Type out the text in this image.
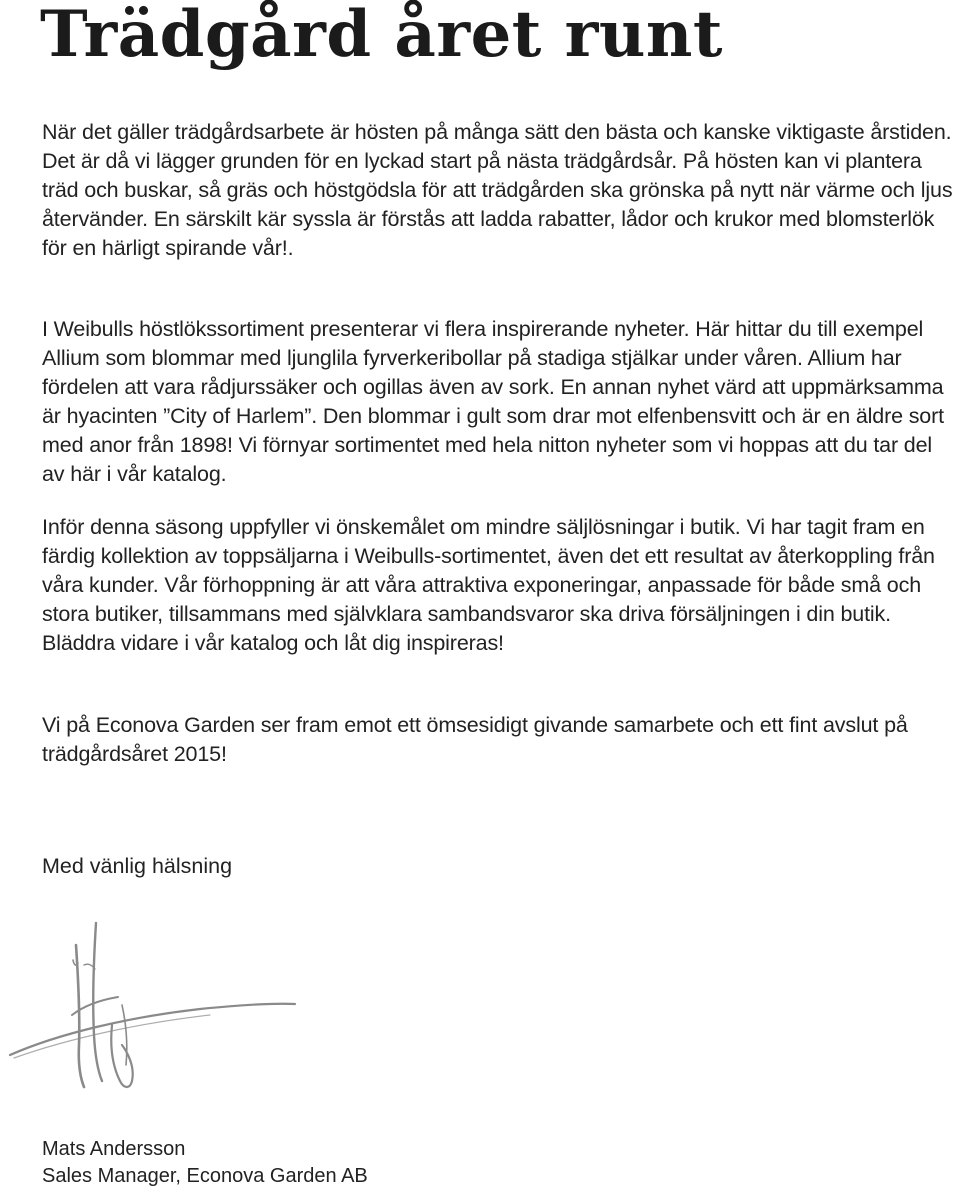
Trädgård året runt

När det gäller trädgårdsarbete är hösten på många sätt den bästa och kanske viktigaste årstiden. Det är då vi lägger grunden för en lyckad start på nästa trädgårdsår. På hösten kan vi plantera träd och buskar, så gräs och höstgödsla för att trädgården ska grönska på nytt när värme och ljus återvänder. En särskilt kär syssla är förstås att ladda rabatter, lådor och krukor med blomsterlök för en härligt spirande vår!.

I Weibulls höstlökssortiment presenterar vi flera inspirerande nyheter. Här hittar du till exempel Allium som blommar med ljunglila fyrverkeribollar på stadiga stjälkar under våren. Allium har fördelen att vara rådjurssäker och ogillas även av sork. En annan nyhet värd att uppmärksamma är hyacinten ”City of Harlem”. Den blommar i gult som drar mot elfenbensvitt och är en äldre sort med anor från 1898! Vi förnyar sortimentet med hela nitton nyheter som vi hoppas att du tar del av här i vår katalog.

Inför denna säsong uppfyller vi önskemålet om mindre säljlösningar i butik. Vi har tagit fram en färdig kollektion av toppsäljarna i Weibulls-sortimentet, även det ett resultat av återkoppling från våra kunder. Vår förhoppning är att våra attraktiva exponeringar, anpassade för både små och stora butiker, tillsammans med självklara sambandsvaror ska driva försäljningen i din butik. Bläddra vidare i vår katalog och låt dig inspireras!

Vi på Econova Garden ser fram emot ett ömsesidigt givande samarbete och ett fint avslut på trädgårdsåret 2015!

Med vänlig hälsning

Mats Andersson

Sales Manager, Econova Garden AB
